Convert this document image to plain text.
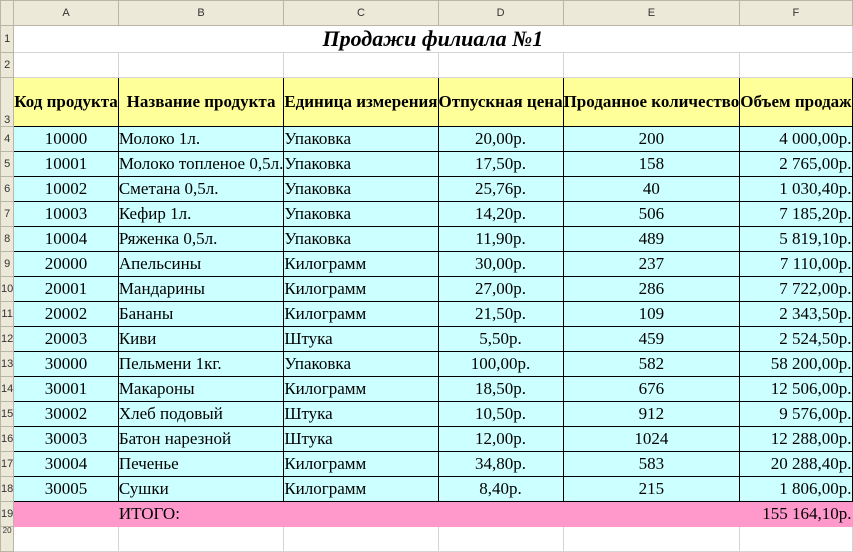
	A	B	C	D	E	F
1	Продажи филиала №1					
2						
3	Код продукта	Название продукта	Единица измерения	Отпускная цена	Проданное количество	Объем продаж
4	10000	Молоко 1л.	Упаковка	20,00р.	200	4 000,00р.
5	10001	Молоко топленое 0,5л.	Упаковка	17,50р.	158	2 765,00р.
6	10002	Сметана 0,5л.	Упаковка	25,76р.	40	1 030,40р.
7	10003	Кефир 1л.	Упаковка	14,20р.	506	7 185,20р.
8	10004	Ряженка 0,5л.	Упаковка	11,90р.	489	5 819,10р.
9	20000	Апельсины	Килограмм	30,00р.	237	7 110,00р.
10	20001	Мандарины	Килограмм	27,00р.	286	7 722,00р.
11	20002	Бананы	Килограмм	21,50р.	109	2 343,50р.
12	20003	Киви	Штука	5,50р.	459	2 524,50р.
13	30000	Пельмени 1кг.	Упаковка	100,00р.	582	58 200,00р.
14	30001	Макароны	Килограмм	18,50р.	676	12 506,00р.
15	30002	Хлеб подовый	Штука	10,50р.	912	9 576,00р.
16	30003	Батон нарезной	Штука	12,00р.	1024	12 288,00р.
17	30004	Печенье	Килограмм	34,80р.	583	20 288,40р.
18	30005	Сушки	Килограмм	8,40р.	215	1 806,00р.
19		ИТОГО:				155 164,10р.
20						
